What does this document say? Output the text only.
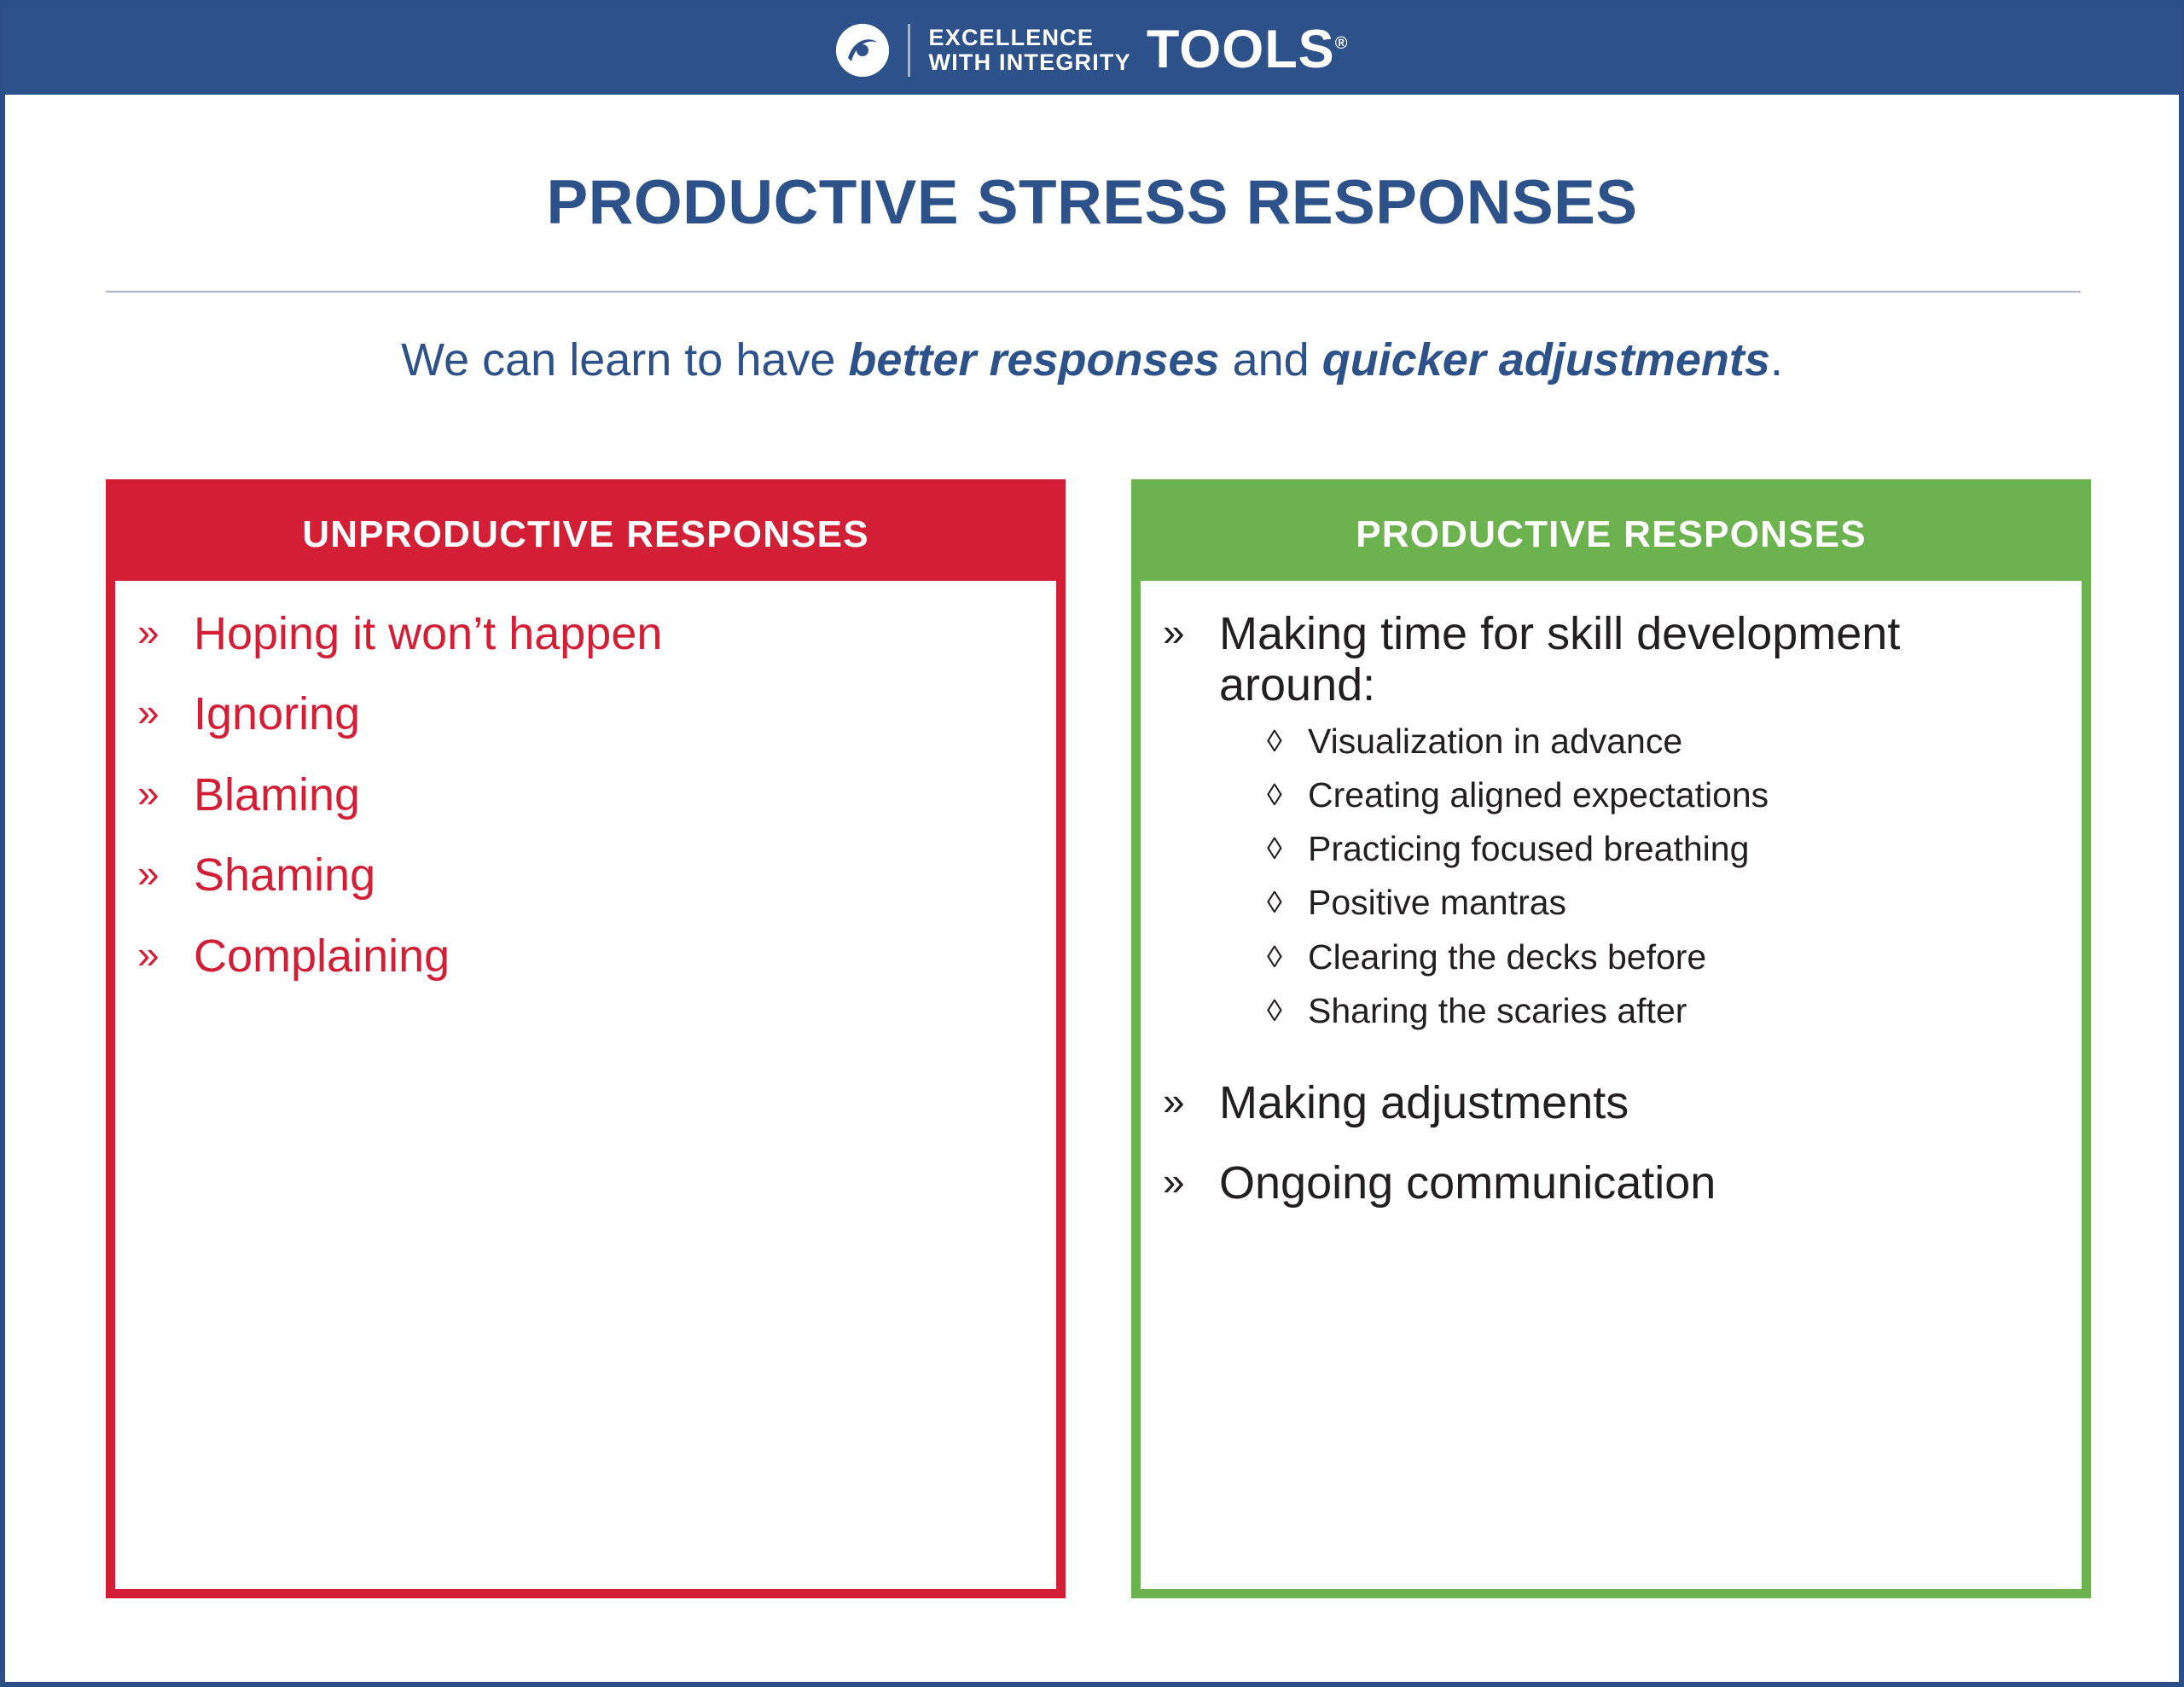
EXCELLENCE
WITH INTEGRITY TOOLS®
PRODUCTIVE STRESS RESPONSES
We can learn to have better responses and quicker adjustments.
UNPRODUCTIVE RESPONSES
» Hoping it won’t happen
» Ignoring
» Blaming
» Shaming
» Complaining
PRODUCTIVE RESPONSES
» Making time for skill development around:
◊ Visualization in advance
◊ Creating aligned expectations
◊ Practicing focused breathing
◊ Positive mantras
◊ Clearing the decks before
◊ Sharing the scaries after
» Making adjustments
» Ongoing communication
